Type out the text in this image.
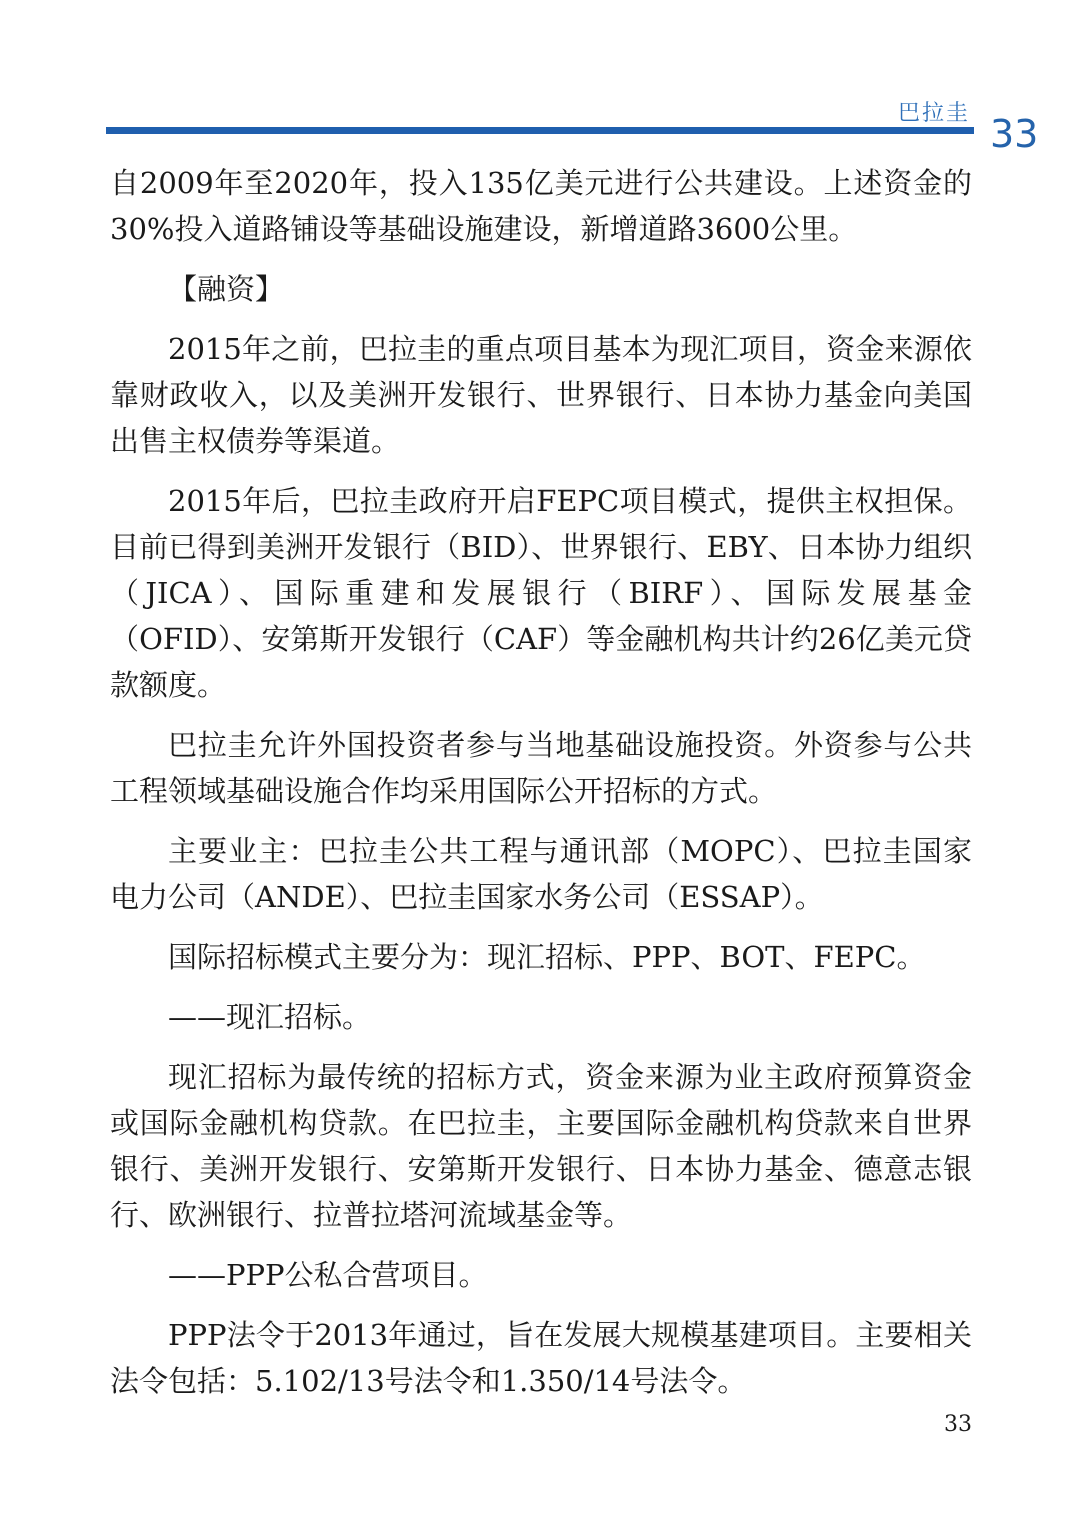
巴拉圭 33

自2009年至2020年，投入135亿美元进行公共建设。上述资金的30%投入道路铺设等基础设施建设，新增道路3600公里。

【融资】

2015年之前，巴拉圭的重点项目基本为现汇项目，资金来源依靠财政收入，以及美洲开发银行、世界银行、日本协力基金向美国出售主权债券等渠道。

2015年后，巴拉圭政府开启FEPC项目模式，提供主权担保。目前已得到美洲开发银行（BID）、世界银行、EBY、日本协力组织（JICA）、国际重建和发展银行（BIRF）、国际发展基金（OFID）、安第斯开发银行（CAF）等金融机构共计约26亿美元贷款额度。

巴拉圭允许外国投资者参与当地基础设施投资。外资参与公共工程领域基础设施合作均采用国际公开招标的方式。

主要业主：巴拉圭公共工程与通讯部（MOPC）、巴拉圭国家电力公司（ANDE）、巴拉圭国家水务公司（ESSAP）。

国际招标模式主要分为：现汇招标、PPP、BOT、FEPC。

——现汇招标。

现汇招标为最传统的招标方式，资金来源为业主政府预算资金或国际金融机构贷款。在巴拉圭，主要国际金融机构贷款来自世界银行、美洲开发银行、安第斯开发银行、日本协力基金、德意志银行、欧洲银行、拉普拉塔河流域基金等。

——PPP公私合营项目。

PPP法令于2013年通过，旨在发展大规模基建项目。主要相关法令包括：5.102/13号法令和1.350/14号法令。

33
